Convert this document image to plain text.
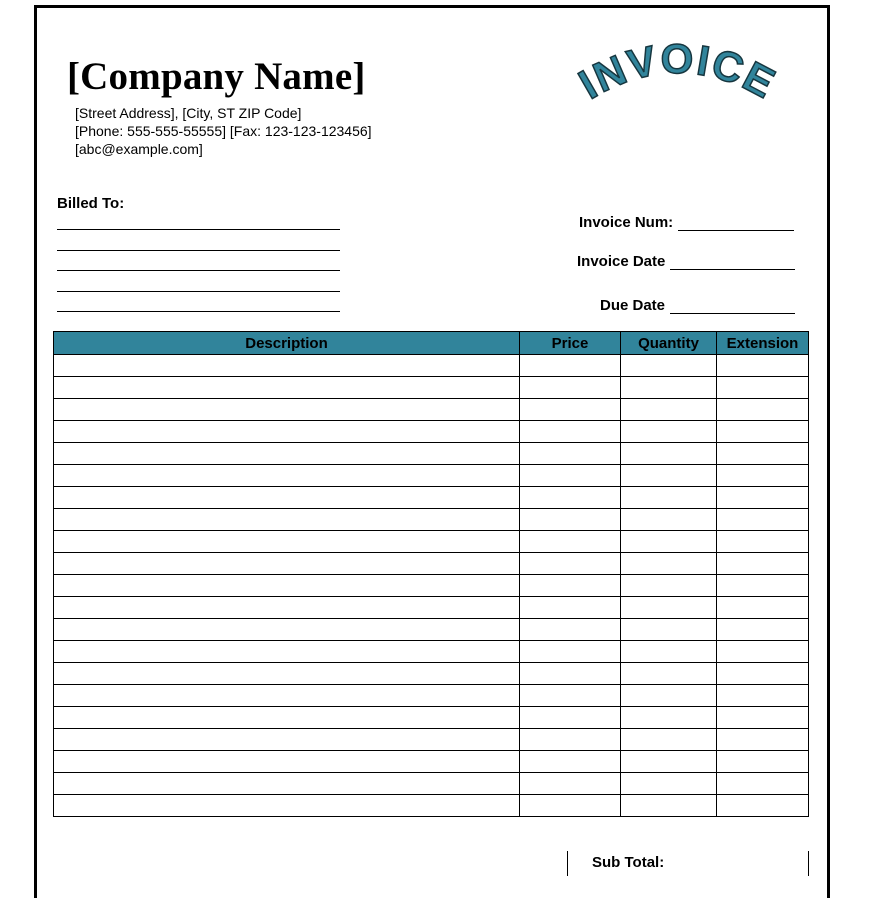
[Company Name]
[Street Address], [City, ST ZIP Code]
[Phone: 555-555-55555] [Fax: 123-123-123456]
[abc@example.com]
INVOICE
Billed To:
Invoice Num:
Invoice Date
Due Date
Description	Price	Quantity	Extension

Sub Total:
